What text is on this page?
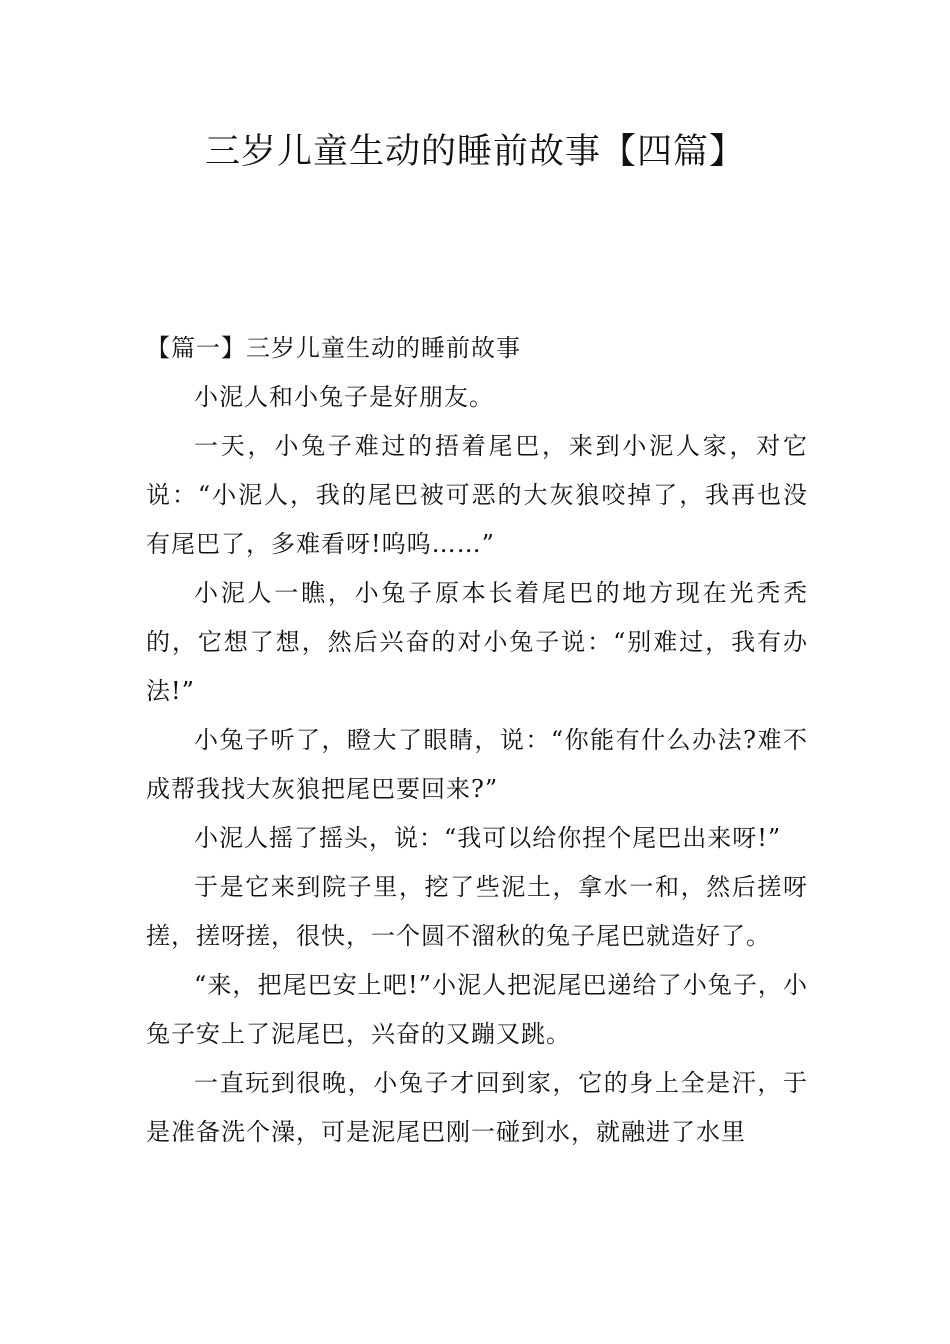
三岁儿童生动的睡前故事【四篇】

【篇一】三岁儿童生动的睡前故事

小泥人和小兔子是好朋友。

一天，小兔子难过的捂着尾巴，来到小泥人家，对它说：“小泥人，我的尾巴被可恶的大灰狼咬掉了，我再也没有尾巴了，多难看呀!呜呜……”

小泥人一瞧，小兔子原本长着尾巴的地方现在光秃秃的，它想了想，然后兴奋的对小兔子说：“别难过，我有办法!”

小兔子听了，瞪大了眼睛，说：“你能有什么办法?难不成帮我找大灰狼把尾巴要回来?”

小泥人摇了摇头，说：“我可以给你捏个尾巴出来呀!”

于是它来到院子里，挖了些泥土，拿水一和，然后搓呀搓，搓呀搓，很快，一个圆不溜秋的兔子尾巴就造好了。

“来，把尾巴安上吧!”小泥人把泥尾巴递给了小兔子，小兔子安上了泥尾巴，兴奋的又蹦又跳。

一直玩到很晚，小兔子才回到家，它的身上全是汗，于是准备洗个澡，可是泥尾巴刚一碰到水，就融进了水里
